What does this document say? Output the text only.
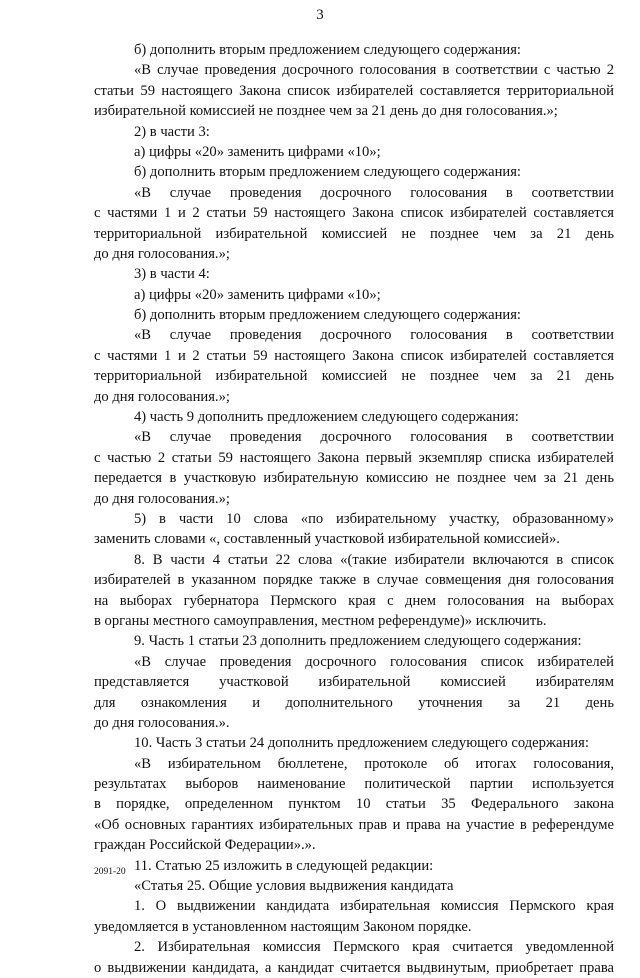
3
б) дополнить вторым предложением следующего содержания:
«В случае проведения досрочного голосования в соответствии с частью 2
статьи 59 настоящего Закона список избирателей составляется территориальной
избирательной комиссией не позднее чем за 21 день до дня голосования.»;
2) в части 3:
а) цифры «20» заменить цифрами «10»;
б) дополнить вторым предложением следующего содержания:
«В случае проведения досрочного голосования в соответствии
с частями 1 и 2 статьи 59 настоящего Закона список избирателей составляется
территориальной избирательной комиссией не позднее чем за 21 день
до дня голосования.»;
3) в части 4:
а) цифры «20» заменить цифрами «10»;
б) дополнить вторым предложением следующего содержания:
«В случае проведения досрочного голосования в соответствии
с частями 1 и 2 статьи 59 настоящего Закона список избирателей составляется
территориальной избирательной комиссией не позднее чем за 21 день
до дня голосования.»;
4) часть 9 дополнить предложением следующего содержания:
«В случае проведения досрочного голосования в соответствии
с частью 2 статьи 59 настоящего Закона первый экземпляр списка избирателей
передается в участковую избирательную комиссию не позднее чем за 21 день
до дня голосования.»;
5) в части 10 слова «по избирательному участку, образованному»
заменить словами «, составленный участковой избирательной комиссией».
8. В части 4 статьи 22 слова «(такие избиратели включаются в список
избирателей в указанном порядке также в случае совмещения дня голосования
на выборах губернатора Пермского края с днем голосования на выборах
в органы местного самоуправления, местном референдуме)» исключить.
9. Часть 1 статьи 23 дополнить предложением следующего содержания:
«В случае проведения досрочного голосования список избирателей
представляется участковой избирательной комиссией избирателям
для ознакомления и дополнительного уточнения за 21 день
до дня голосования.».
10. Часть 3 статьи 24 дополнить предложением следующего содержания:
«В избирательном бюллетене, протоколе об итогах голосования,
результатах выборов наименование политической партии используется
в порядке, определенном пунктом 10 статьи 35 Федерального закона
«Об основных гарантиях избирательных прав и права на участие в референдуме
граждан Российской Федерации».».
11. Статью 25 изложить в следующей редакции:
«Статья 25. Общие условия выдвижения кандидата
1. О выдвижении кандидата избирательная комиссия Пермского края
уведомляется в установленном настоящим Законом порядке.
2. Избирательная комиссия Пермского края считается уведомленной
о выдвижении кандидата, а кандидат считается выдвинутым, приобретает права
2091-20
